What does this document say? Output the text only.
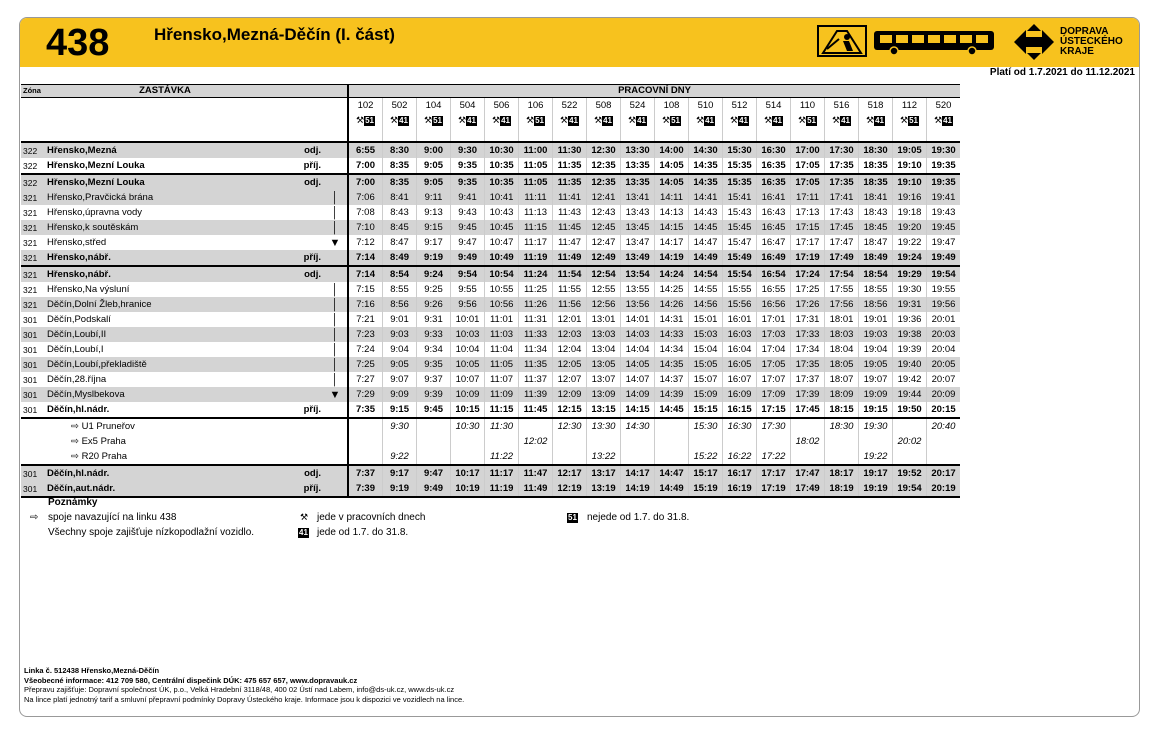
438	Hřensko,Mezná-Děčín (I. část)	DOPRAVA
ÚSTECKÉHO
KRAJE
Platí od 1.7.2021 do 11.12.2021
Zóna	ZASTÁVKA			PRACOVNÍ DNY																	
				102	502	104	504	506	106	522	508	524	108	510	512	514	110	516	518	112	520
				⚒51	⚒41	⚒51	⚒41	⚒41	⚒51	⚒41	⚒41	⚒41	⚒51	⚒41	⚒41	⚒41	⚒51	⚒41	⚒41	⚒51	⚒41
322	Hřensko,Mezná	odj.		6:55	8:30	9:00	9:30	10:30	11:00	11:30	12:30	13:30	14:00	14:30	15:30	16:30	17:00	17:30	18:30	19:05	19:30
322	Hřensko,Mezní Louka	příj.		7:00	8:35	9:05	9:35	10:35	11:05	11:35	12:35	13:35	14:05	14:35	15:35	16:35	17:05	17:35	18:35	19:10	19:35
322	Hřensko,Mezní Louka	odj.		7:00	8:35	9:05	9:35	10:35	11:05	11:35	12:35	13:35	14:05	14:35	15:35	16:35	17:05	17:35	18:35	19:10	19:35
321	Hřensko,Pravčická brána		│	7:06	8:41	9:11	9:41	10:41	11:11	11:41	12:41	13:41	14:11	14:41	15:41	16:41	17:11	17:41	18:41	19:16	19:41
321	Hřensko,úpravna vody		│	7:08	8:43	9:13	9:43	10:43	11:13	11:43	12:43	13:43	14:13	14:43	15:43	16:43	17:13	17:43	18:43	19:18	19:43
321	Hřensko,k soutěskám		│	7:10	8:45	9:15	9:45	10:45	11:15	11:45	12:45	13:45	14:15	14:45	15:45	16:45	17:15	17:45	18:45	19:20	19:45
321	Hřensko,střed		▼	7:12	8:47	9:17	9:47	10:47	11:17	11:47	12:47	13:47	14:17	14:47	15:47	16:47	17:17	17:47	18:47	19:22	19:47
321	Hřensko,nábř.	příj.		7:14	8:49	9:19	9:49	10:49	11:19	11:49	12:49	13:49	14:19	14:49	15:49	16:49	17:19	17:49	18:49	19:24	19:49
321	Hřensko,nábř.	odj.		7:14	8:54	9:24	9:54	10:54	11:24	11:54	12:54	13:54	14:24	14:54	15:54	16:54	17:24	17:54	18:54	19:29	19:54
321	Hřensko,Na výsluní		│	7:15	8:55	9:25	9:55	10:55	11:25	11:55	12:55	13:55	14:25	14:55	15:55	16:55	17:25	17:55	18:55	19:30	19:55
321	Děčín,Dolní Žleb,hranice		│	7:16	8:56	9:26	9:56	10:56	11:26	11:56	12:56	13:56	14:26	14:56	15:56	16:56	17:26	17:56	18:56	19:31	19:56
301	Děčín,Podskalí		│	7:21	9:01	9:31	10:01	11:01	11:31	12:01	13:01	14:01	14:31	15:01	16:01	17:01	17:31	18:01	19:01	19:36	20:01
301	Děčín,Loubí,II		│	7:23	9:03	9:33	10:03	11:03	11:33	12:03	13:03	14:03	14:33	15:03	16:03	17:03	17:33	18:03	19:03	19:38	20:03
301	Děčín,Loubí,I		│	7:24	9:04	9:34	10:04	11:04	11:34	12:04	13:04	14:04	14:34	15:04	16:04	17:04	17:34	18:04	19:04	19:39	20:04
301	Děčín,Loubí,překladiště		│	7:25	9:05	9:35	10:05	11:05	11:35	12:05	13:05	14:05	14:35	15:05	16:05	17:05	17:35	18:05	19:05	19:40	20:05
301	Děčín,28.října		│	7:27	9:07	9:37	10:07	11:07	11:37	12:07	13:07	14:07	14:37	15:07	16:07	17:07	17:37	18:07	19:07	19:42	20:07
301	Děčín,Myslbekova		▼	7:29	9:09	9:39	10:09	11:09	11:39	12:09	13:09	14:09	14:39	15:09	16:09	17:09	17:39	18:09	19:09	19:44	20:09
301	Děčín,hl.nádr.	příj.		7:35	9:15	9:45	10:15	11:15	11:45	12:15	13:15	14:15	14:45	15:15	16:15	17:15	17:45	18:15	19:15	19:50	20:15
	⇨ U1 Pruneřov				9:30		10:30	11:30		12:30	13:30	14:30		15:30	16:30	17:30		18:30	19:30		20:40
	⇨ Ex5 Praha								12:02								18:02			20:02	
	⇨ R20 Praha				9:22			11:22			13:22			15:22	16:22	17:22			19:22		
301	Děčín,hl.nádr.	odj.		7:37	9:17	9:47	10:17	11:17	11:47	12:17	13:17	14:17	14:47	15:17	16:17	17:17	17:47	18:17	19:17	19:52	20:17
301	Děčín,aut.nádr.	příj.		7:39	9:19	9:49	10:19	11:19	11:49	12:19	13:19	14:19	14:49	15:19	16:19	17:19	17:49	18:19	19:19	19:54	20:19
Poznámky
⇨ spoje navazující na linku 438
Všechny spoje zajišťuje nízkopodlažní vozidlo.
⚒ jede v pracovních dnech
41 jede od 1.7. do 31.8.
51 nejede od 1.7. do 31.8.
Linka č. 512438 Hřensko,Mezná-Děčín
Všeobecné informace: 412 709 580, Centrální dispečink DÚK: 475 657 657, www.dopravauk.cz
Přepravu zajišťuje: Dopravní společnost ÚK, p.o., Velká Hradební 3118/48, 400 02 Ústí nad Labem, info@ds-uk.cz, www.ds-uk.cz
Na lince platí jednotný tarif a smluvní přepravní podmínky Dopravy Ústeckého kraje. Informace jsou k dispozici ve vozidlech na lince.
